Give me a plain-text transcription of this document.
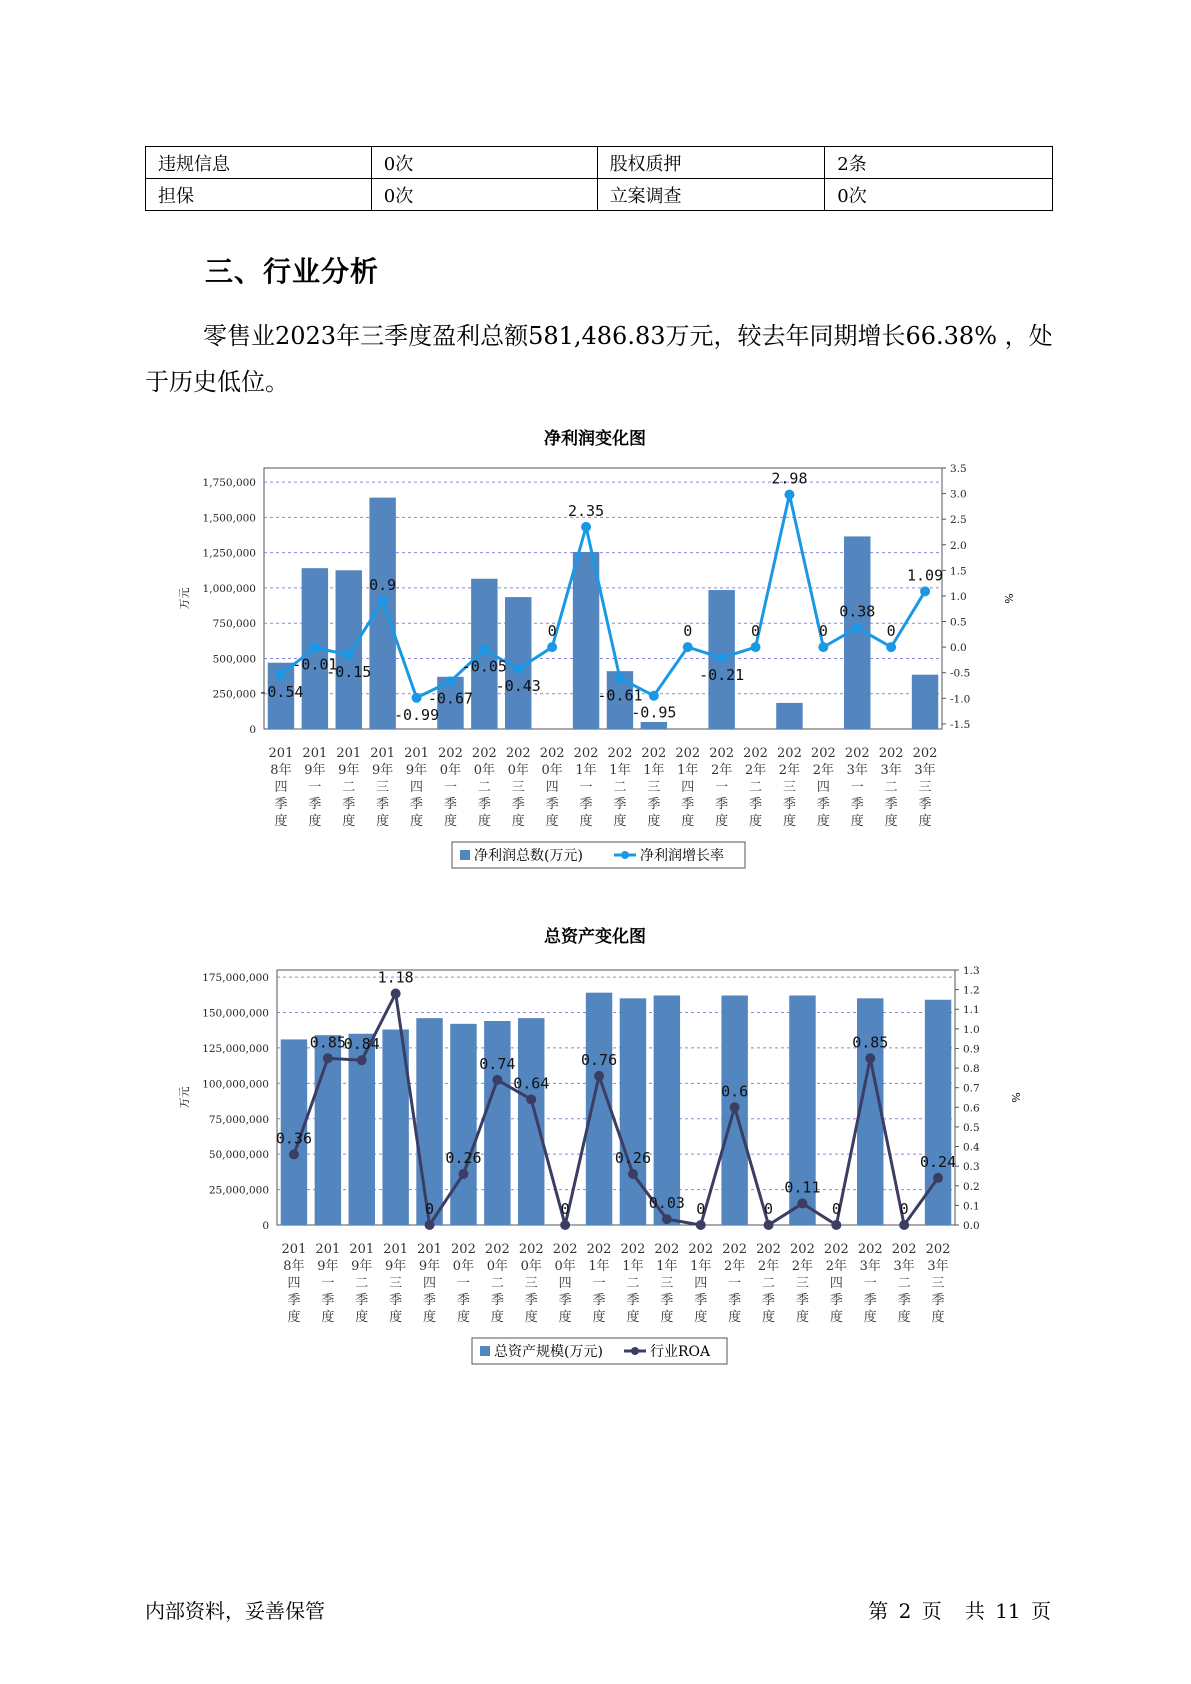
违规信息	0次	股权质押	2条
担保	0次	立案调查	0次
三、行业分析

零售业2023年三季度盈利总额581,486.83万元，较去年同期增长66.38% ，处于历史低位。

净利润变化图
0
250,000
500,000
750,000
1,000,000
1,250,000
1,500,000
1,750,000
-1.5
-1.0
-0.5
0.0
0.5
1.0
1.5
2.0
2.5
3.0
3.5
万元	%
-0.54
-0.01
-0.15
0.9
-0.99
-0.67
-0.05
-0.43
0
2.35
-0.61
-0.95
0
-0.21
0
2.98
0
0.38
0
1.09
201 8年四季度
201 9年一季度
201 9年二季度
201 9年三季度
201 9年四季度
202 0年一季度
202 0年二季度
202 0年三季度
202 0年四季度
202 1年一季度
202 1年二季度
202 1年三季度
202 1年四季度
202 2年一季度
202 2年二季度
202 2年三季度
202 2年四季度
202 3年一季度
202 3年二季度
202 3年三季度
净利润总数(万元)	净利润增长率
总资产变化图
0
25,000,000
50,000,000
75,000,000
100,000,000
125,000,000
150,000,000
175,000,000
0.0
0.1
0.2
0.3
0.4
0.5
0.6
0.7
0.8
0.9
1.0
1.1
1.2
1.3
万元	%
0.36
0.85
0.84
1.18
0
0.26
0.74
0.64
0
0.76
0.26
0.03 0
0.6
0
0.11
0
0.85
0
0.24
201 8年四季度
201 9年一季度
201 9年二季度
201 9年三季度
201 9年四季度
202 0年一季度
202 0年二季度
202 0年三季度
202 0年四季度
202 1年一季度
202 1年二季度
202 1年三季度
202 1年四季度
202 2年一季度
202 2年二季度
202 2年三季度
202 2年四季度
202 3年一季度
202 3年二季度
202 3年三季度
总资产规模(万元)	行业ROA
内部资料，妥善保管	第 2 页 共 11 页
